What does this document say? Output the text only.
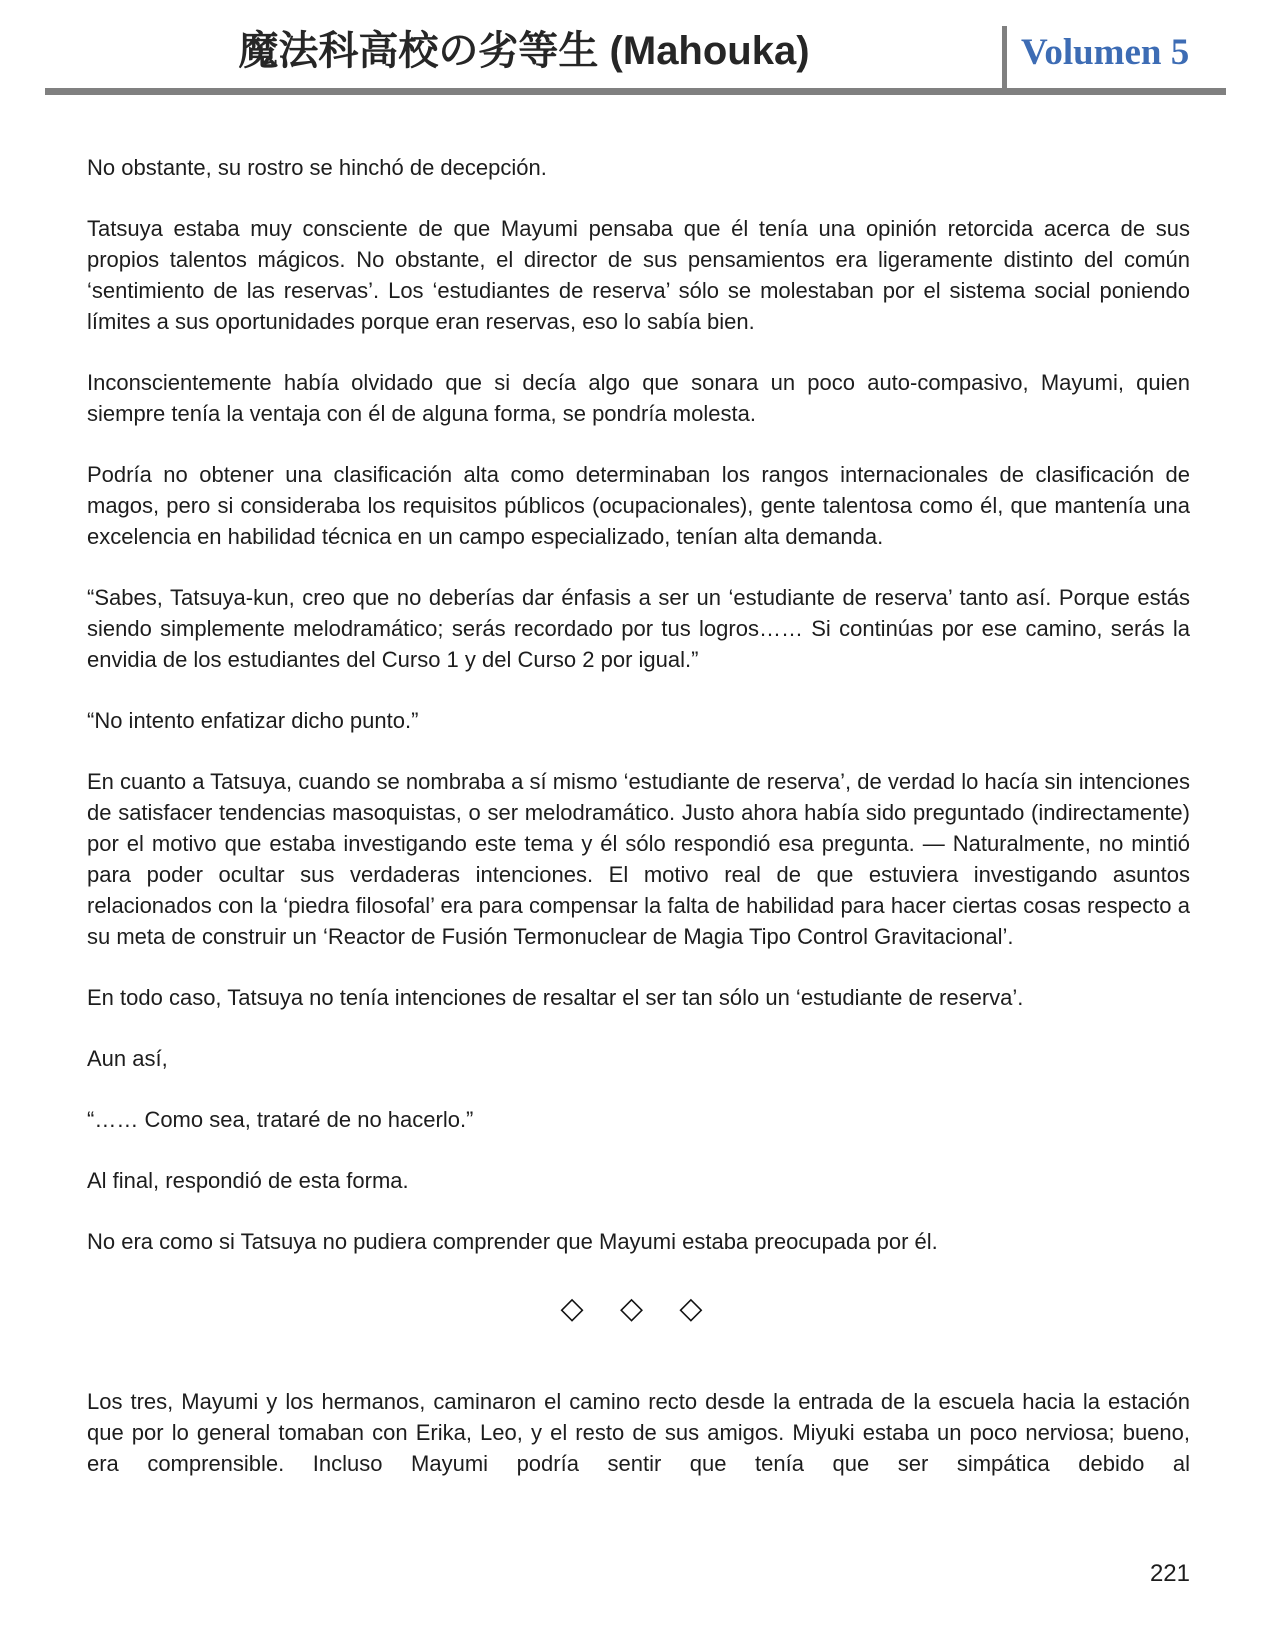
魔法科高校の劣等生 (Mahouka)	Volumen 5

No obstante, su rostro se hinchó de decepción.

Tatsuya estaba muy consciente de que Mayumi pensaba que él tenía una opinión retorcida acerca de sus propios talentos mágicos. No obstante, el director de sus pensamientos era ligeramente distinto del común ‘sentimiento de las reservas’. Los ‘estudiantes de reserva’ sólo se molestaban por el sistema social poniendo límites a sus oportunidades porque eran reservas, eso lo sabía bien.

Inconscientemente había olvidado que si decía algo que sonara un poco auto-compasivo, Mayumi, quien siempre tenía la ventaja con él de alguna forma, se pondría molesta.

Podría no obtener una clasificación alta como determinaban los rangos internacionales de clasificación de magos, pero si consideraba los requisitos públicos (ocupacionales), gente talentosa como él, que mantenía una excelencia en habilidad técnica en un campo especializado, tenían alta demanda.

“Sabes, Tatsuya-kun, creo que no deberías dar énfasis a ser un ‘estudiante de reserva’ tanto así. Porque estás siendo simplemente melodramático; serás recordado por tus logros…… Si continúas por ese camino, serás la envidia de los estudiantes del Curso 1 y del Curso 2 por igual.”

“No intento enfatizar dicho punto.”

En cuanto a Tatsuya, cuando se nombraba a sí mismo ‘estudiante de reserva’, de verdad lo hacía sin intenciones de satisfacer tendencias masoquistas, o ser melodramático. Justo ahora había sido preguntado (indirectamente) por el motivo que estaba investigando este tema y él sólo respondió esa pregunta. — Naturalmente, no mintió para poder ocultar sus verdaderas intenciones. El motivo real de que estuviera investigando asuntos relacionados con la ‘piedra filosofal’ era para compensar la falta de habilidad para hacer ciertas cosas respecto a su meta de construir un ‘Reactor de Fusión Termonuclear de Magia Tipo Control Gravitacional’.

En todo caso, Tatsuya no tenía intenciones de resaltar el ser tan sólo un ‘estudiante de reserva’.

Aun así,

“…… Como sea, trataré de no hacerlo.”

Al final, respondió de esta forma.

No era como si Tatsuya no pudiera comprender que Mayumi estaba preocupada por él.

◇ ◇ ◇

Los tres, Mayumi y los hermanos, caminaron el camino recto desde la entrada de la escuela hacia la estación que por lo general tomaban con Erika, Leo, y el resto de sus amigos. Miyuki estaba un poco nerviosa; bueno, era comprensible. Incluso Mayumi podría sentir que tenía que ser simpática debido al

221
